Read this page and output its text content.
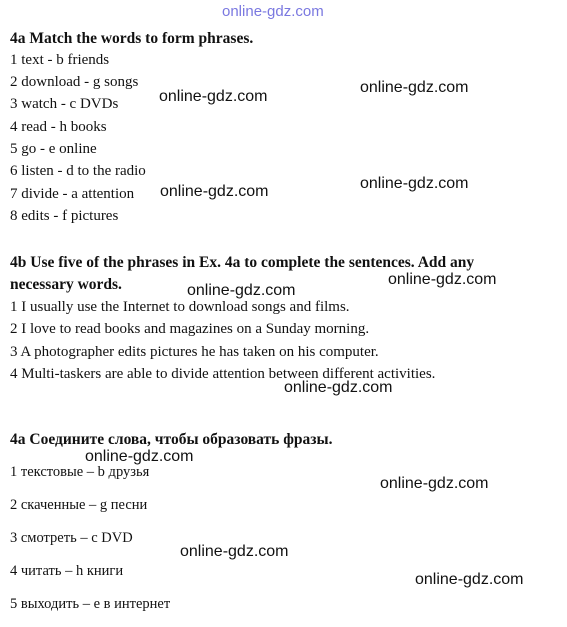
online-gdz.com
4a Match the words to form phrases.
1 text - b friends
2 download - g songs
3 watch - c DVDs
4 read - h books
5 go - e online
6 listen - d to the radio
7 divide - a attention
8 edits - f pictures
4b Use five of the phrases in Ex. 4a to complete the sentences. Add any
necessary words.
1 I usually use the Internet to download songs and films.
2 I love to read books and magazines on a Sunday morning.
3 A photographer edits pictures he has taken on his computer.
4 Multi-taskers are able to divide attention between different activities.
4a Соедините слова, чтобы образовать фразы.
1 текстовые – b друзья
2 скаченные – g песни
3 смотреть – c DVD
4 читать – h книги
5 выходить – e в интернет
online-gdz.com
online-gdz.com
online-gdz.com	online-gdz.com
online-gdz.com
online-gdz.com
online-gdz.com
online-gdz.com
online-gdz.com
online-gdz.com
online-gdz.com
